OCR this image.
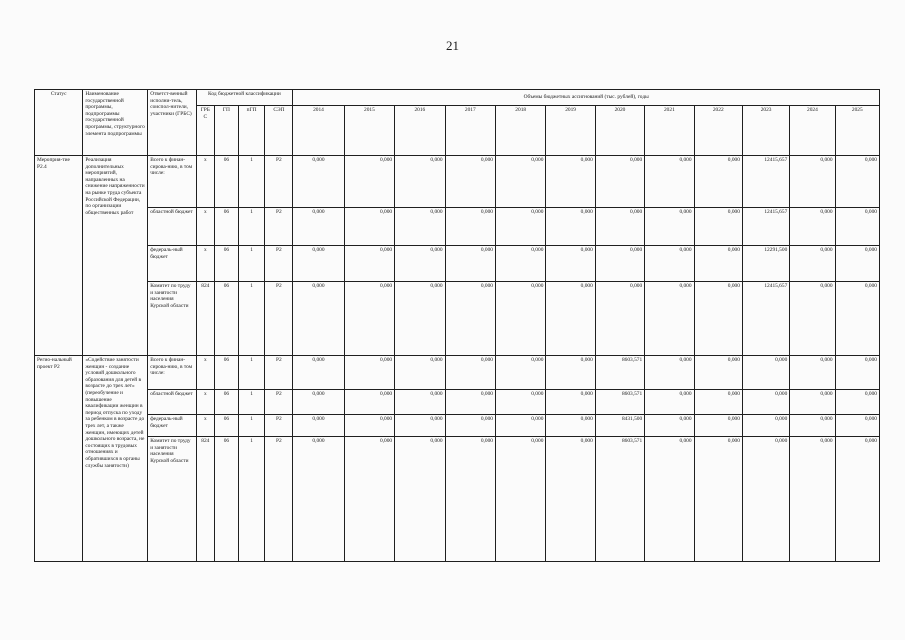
21
Статус	Наименование государственной программы, подпрограммы государственной программы, структурного элемента подпрограммы	Ответст-венный исполни-тель, соиспол-нители, участники (ГРБС)	Код бюджетной классификации				Объемы бюджетных ассигнований (тыс. рублей), годы											
			ГРБ С	ГП	пГП	СЭП	2014	2015	2016	2017	2018	2019	2020	2021	2022	2023	2024	2025
Мероприя-тие P2.4	Реализация дополнительных мероприятий, направленных на снижение напряженности на рынке труда субъекта Российской Федерации, по организации общественных работ	Всего к финан-сирова-нию, в том числе:	х	06	1	P2	0,000	0,000	0,000	0,000	0,000	0,000	0,000	0,000	0,000	12415,657	0,000	0,000
		областной бюджет	х	06	1	P2	0,000	0,000	0,000	0,000	0,000	0,000	0,000	0,000	0,000	12415,657	0,000	0,000
		федераль-ный бюджет	х	06	1	P2	0,000	0,000	0,000	0,000	0,000	0,000	0,000	0,000	0,000	12291,500	0,000	0,000
		Комитет по труду и занятости населения Курской области	824	06	1	P2	0,000	0,000	0,000	0,000	0,000	0,000	0,000	0,000	0,000	12415,657	0,000	0,000
Регио-нальный проект P2	«Содействие занятости женщин - создание условий дошкольного образования для детей в возрасте до трех лет» (переобучение и повышение квалификации женщин в период отпуска по уходу за ребенком в возрасте до трех лет, а также женщин, имеющих детей дошкольного возраста, не состоящих в трудовых отношениях и обратившихся в органы службы занятости)	Всего к финан-сирова-нию, в том числе:	х	06	1	P2	0,000	0,000	0,000	0,000	0,000	0,000	8603,571	0,000	0,000	0,000	0,000	0,000
		областной бюджет	х	06	1	P2	0,000	0,000	0,000	0,000	0,000	0,000	8603,571	0,000	0,000	0,000	0,000	0,000
		федераль-ный бюджет	х	06	1	P2	0,000	0,000	0,000	0,000	0,000	0,000	8431,500	0,000	0,000	0,000	0,000	0,000
		Комитет по труду и занятости населения Курской области	824	06	1	P2	0,000	0,000	0,000	0,000	0,000	0,000	8603,571	0,000	0,000	0,000	0,000	0,000
